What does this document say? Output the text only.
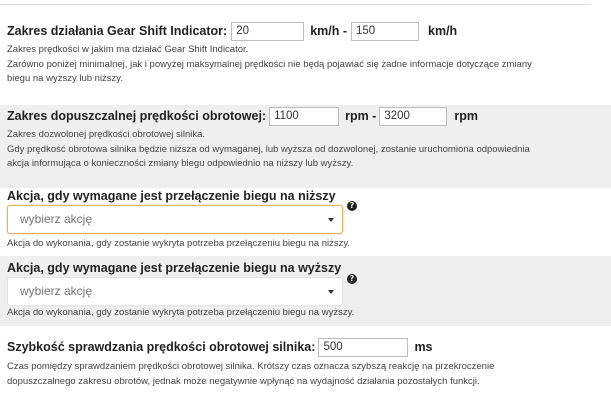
Zakres działania Gear Shift Indicator:
20	km/h -
150	km/h
Zakres prędkości w jakim ma działać Gear Shift Indicator.
Zarówno poniżej minimalnej, jak i powyżej maksymalnej prędkości nie będą pojawiać się żadne informacje dotyczące zmiany
biegu na wyższy lub niższy.
Zakres dopuszczalnej prędkości obrotowej:
1100	rpm -
3200	rpm
Zakres dozwolonej prędkości obrotowej silnika.
Gdy prędkość obrotowa silnika będzie niższa od wymaganej, lub wyższa od dozwolonej, zostanie uruchomiona odpowiednia
akcja informująca o konieczności zmiany biegu odpowiednio na niższy lub wyższy.
Akcja, gdy wymagane jest przełączenie biegu na niższy
wybierz akcję
?
Akcja do wykonania, gdy zostanie wykryta potrzeba przełączeniu biegu na niższy.
Akcja, gdy wymagane jest przełączenie biegu na wyższy
wybierz akcję
?
Akcja do wykonania, gdy zostanie wykryta potrzeba przełączeniu biegu na wyższy.
Szybkość sprawdzania prędkości obrotowej silnika:
500	ms
Czas pomiędzy sprawdzaniem prędkości obrotowej silnika. Krótszy czas oznacza szybszą reakcję na przekroczenie
dopuszczalnego zakresu obrotów, jednak może negatywnie wpłynąć na wydajność działania pozostałych funkcji.
